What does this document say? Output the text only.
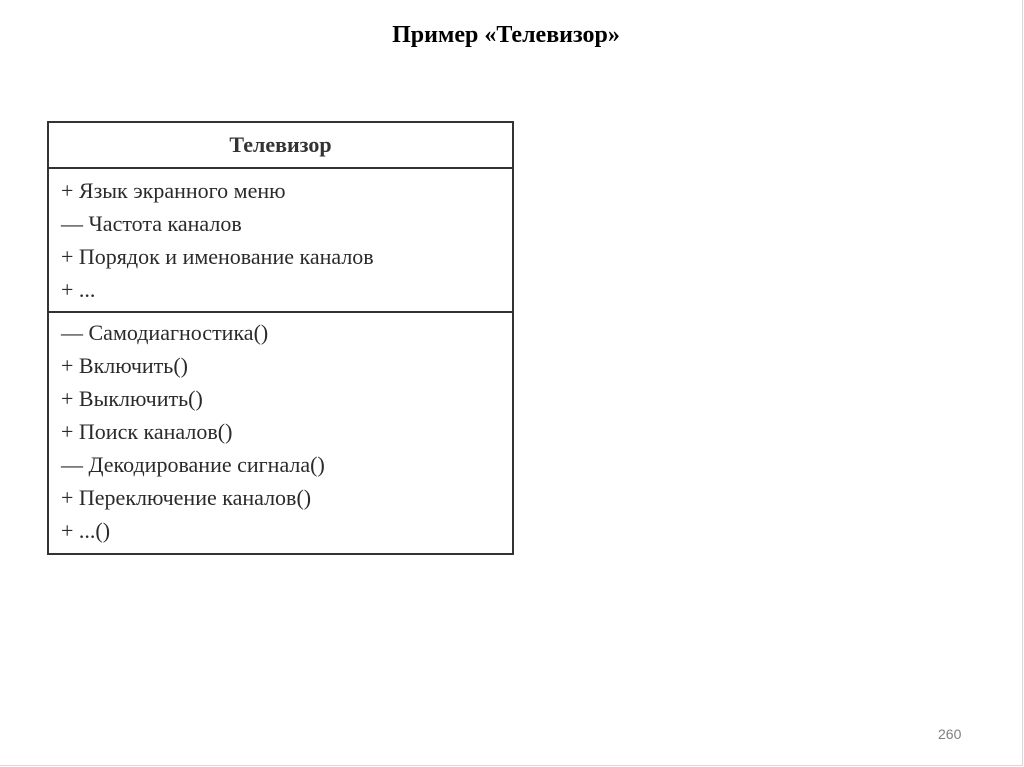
Пример «Телевизор»
Телевизор
+ Язык экранного меню
— Частота каналов
+ Порядок и именование каналов
+ ...
— Самодиагностика()
+ Включить()
+ Выключить()
+ Поиск каналов()
— Декодирование сигнала()
+ Переключение каналов()
+ ...()
260
